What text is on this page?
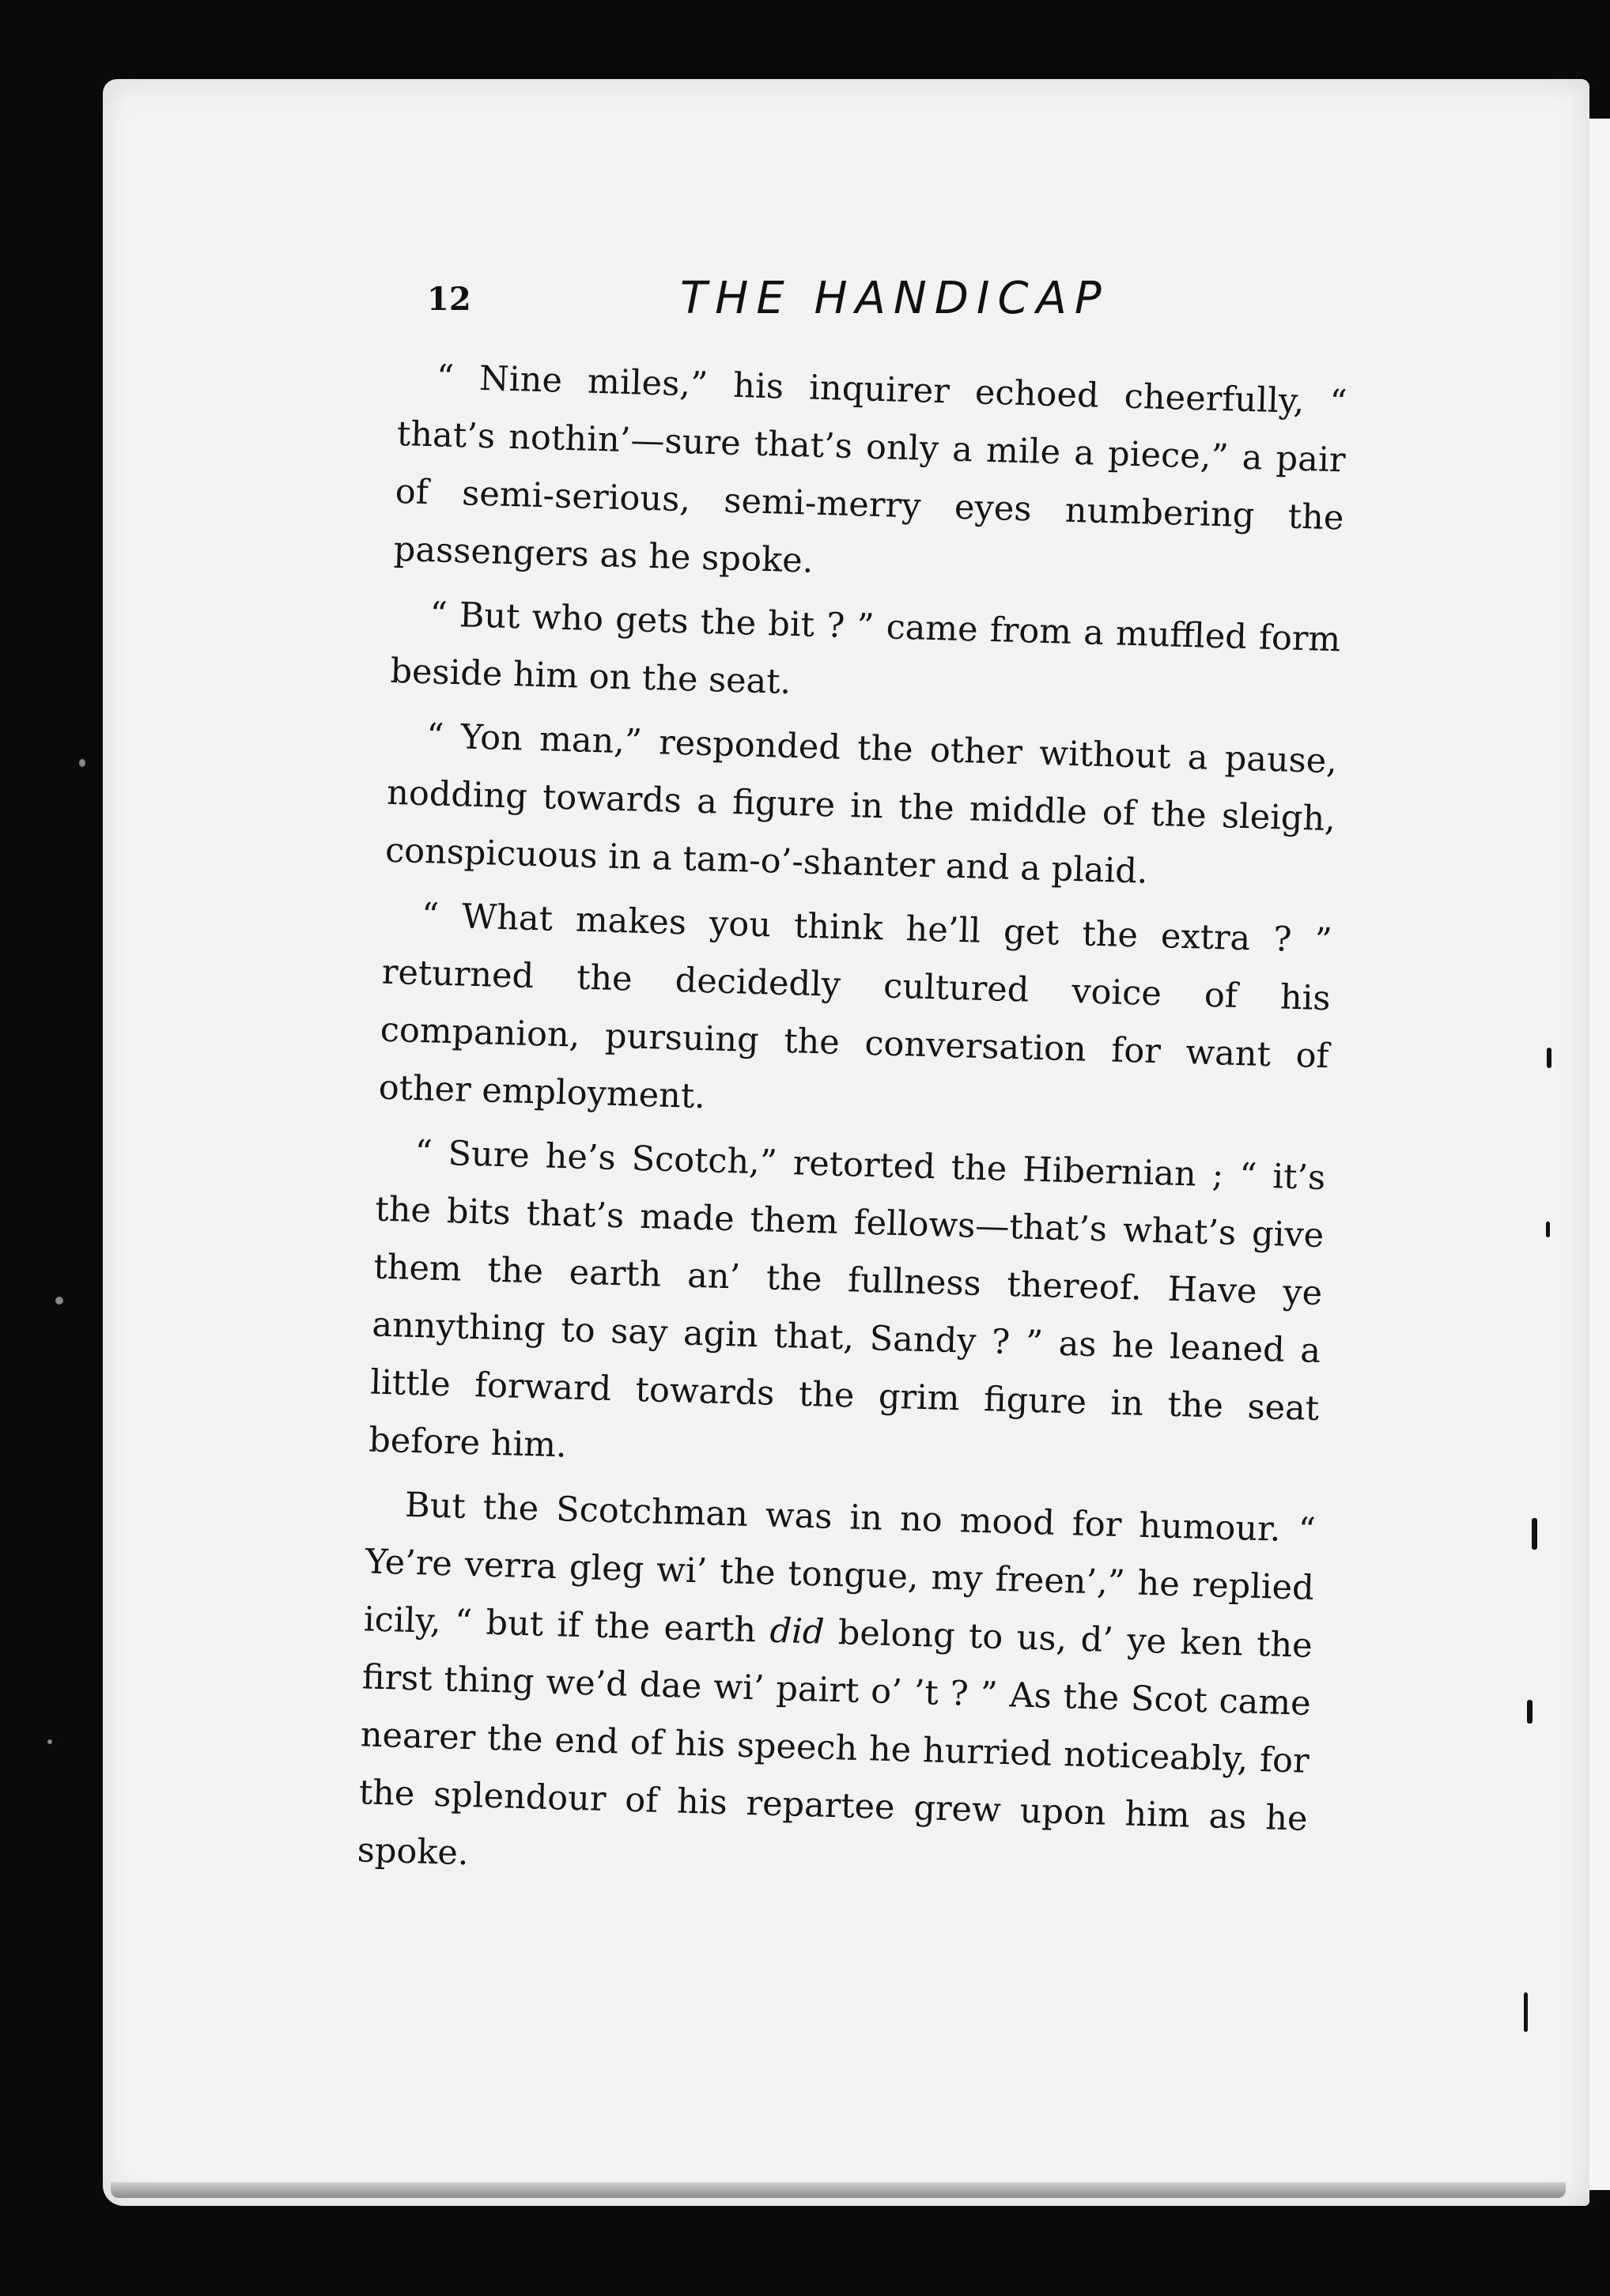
12	THE HANDICAP

“ Nine miles,” his inquirer echoed cheerfully, “ that’s nothin’—sure that’s only a mile a piece,” a pair of semi-serious, semi-merry eyes numbering the passengers as he spoke.

“ But who gets the bit ? ” came from a muffled form beside him on the seat.

“ Yon man,” responded the other without a pause, nodding towards a figure in the middle of the sleigh, conspicuous in a tam-o’-shanter and a plaid.

“ What makes you think he’ll get the extra ? ” returned the decidedly cultured voice of his companion, pursuing the conversation for want of other employment.

“ Sure he’s Scotch,” retorted the Hibernian ; “ it’s the bits that’s made them fellows—that’s what’s give them the earth an’ the fullness thereof. Have ye annything to say agin that, Sandy ? ” as he leaned a little forward towards the grim figure in the seat before him.

But the Scotchman was in no mood for humour. “ Ye’re verra gleg wi’ the tongue, my freen’,” he replied icily, “ but if the earth did belong to us, d’ ye ken the first thing we’d dae wi’ pairt o’ ’t ? ” As the Scot came nearer the end of his speech he hurried noticeably, for the splendour of his repartee grew upon him as he spoke.
